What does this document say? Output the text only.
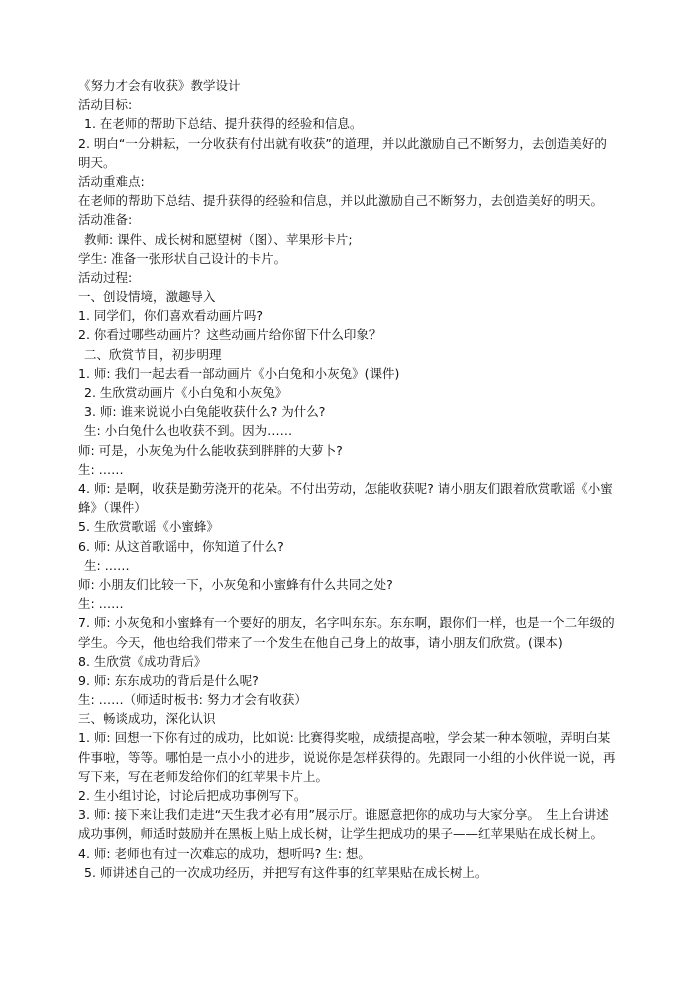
《努力才会有收获》教学设计
活动目标:
1. 在老师的帮助下总结、提升获得的经验和信息。
2. 明白“一分耕耘，一分收获有付出就有收获”的道理，并以此激励自己不断努力，去创造美好的明天。
活动重难点:
在老师的帮助下总结、提升获得的经验和信息，并以此激励自己不断努力，去创造美好的明天。
活动准备:
教师: 课件、成长树和愿望树（图）、苹果形卡片;
学生: 准备一张形状自己设计的卡片。
活动过程:
一、创设情境，激趣导入
1. 同学们，你们喜欢看动画片吗?
2. 你看过哪些动画片？这些动画片给你留下什么印象？
二、欣赏节目，初步明理
1. 师: 我们一起去看一部动画片《小白兔和小灰兔》(课件)
2. 生欣赏动画片《小白兔和小灰兔》
3. 师: 谁来说说小白兔能收获什么? 为什么?
生: 小白兔什么也收获不到。因为……
师: 可是，小灰兔为什么能收获到胖胖的大萝卜?
生: ……
4. 师: 是啊，收获是勤劳浇开的花朵。不付出劳动，怎能收获呢? 请小朋友们跟着欣赏歌谣《小蜜蜂》（课件）
5. 生欣赏歌谣《小蜜蜂》
6. 师: 从这首歌谣中，你知道了什么?
生: ……
师: 小朋友们比较一下，小灰兔和小蜜蜂有什么共同之处?
生: ……
7. 师: 小灰兔和小蜜蜂有一个要好的朋友，名字叫东东。东东啊，跟你们一样，也是一个二年级的学生。今天，他也给我们带来了一个发生在他自己身上的故事，请小朋友们欣赏。(课本)
8. 生欣赏《成功背后》
9. 师: 东东成功的背后是什么呢?
生: ……（师适时板书: 努力才会有收获）
三、畅谈成功，深化认识
1. 师: 回想一下你有过的成功，比如说: 比赛得奖啦，成绩提高啦，学会某一种本领啦，弄明白某件事啦，等等。哪怕是一点小小的进步，说说你是怎样获得的。先跟同一小组的小伙伴说一说，再写下来，写在老师发给你们的红苹果卡片上。
2. 生小组讨论，讨论后把成功事例写下。
3. 师: 接下来让我们走进“天生我才必有用”展示厅。谁愿意把你的成功与大家分享。　生上台讲述成功事例，师适时鼓励并在黑板上贴上成长树，让学生把成功的果子——红苹果贴在成长树上。
4. 师: 老师也有过一次难忘的成功，想听吗? 生: 想。
5. 师讲述自己的一次成功经历，并把写有这件事的红苹果贴在成长树上。
